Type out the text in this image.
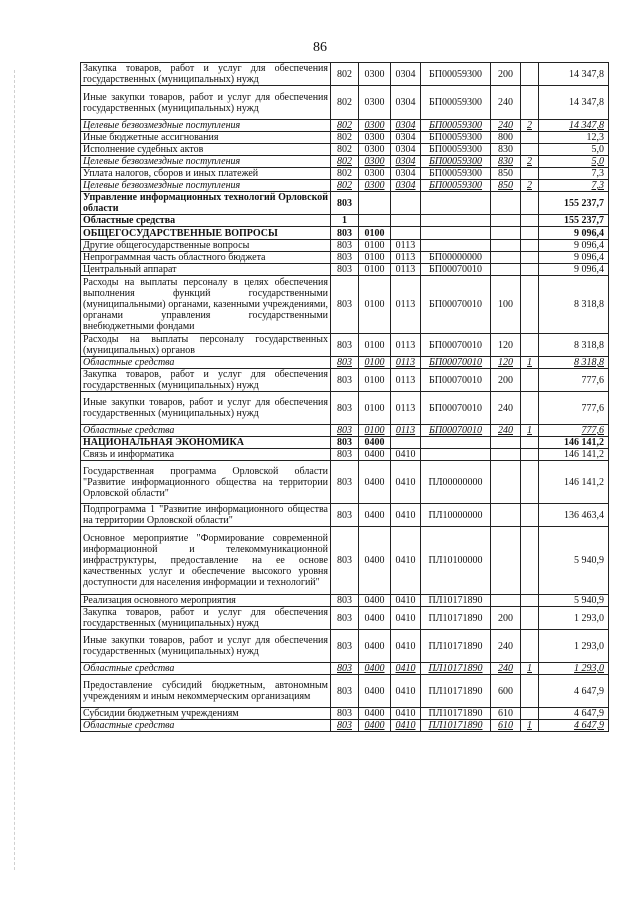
86
Закупка товаров, работ и услуг для обеспечения государственных (муниципальных) нужд	802	0300	0304	БП00059300	200		14 347,8
Иные закупки товаров, работ и услуг для обеспечения государственных (муниципальных) нужд	802	0300	0304	БП00059300	240		14 347,8
Целевые безвозмездные поступления	802	0300	0304	БП00059300	240	2	14 347,8
Иные бюджетные ассигнования	802	0300	0304	БП00059300	800		12,3
Исполнение судебных актов	802	0300	0304	БП00059300	830		5,0
Целевые безвозмездные поступления	802	0300	0304	БП00059300	830	2	5,0
Уплата налогов, сборов и иных платежей	802	0300	0304	БП00059300	850		7,3
Целевые безвозмездные поступления	802	0300	0304	БП00059300	850	2	7,3
Управление информационных технологий Орловской области	803						155 237,7
Областные средства	1						155 237,7
ОБЩЕГОСУДАРСТВЕННЫЕ ВОПРОСЫ	803	0100					9 096,4
Другие общегосударственные вопросы	803	0100	0113				9 096,4
Непрограммная часть областного бюджета	803	0100	0113	БП00000000			9 096,4
Центральный аппарат	803	0100	0113	БП00070010			9 096,4
Расходы на выплаты персоналу в целях обеспечения выполнения функций государственными (муниципальными) органами, казенными учреждениями, органами управления государственными внебюджетными фондами	803	0100	0113	БП00070010	100		8 318,8
Расходы на выплаты персоналу государственных (муниципальных) органов	803	0100	0113	БП00070010	120		8 318,8
Областные средства	803	0100	0113	БП00070010	120	1	8 318,8
Закупка товаров, работ и услуг для обеспечения государственных (муниципальных) нужд	803	0100	0113	БП00070010	200		777,6
Иные закупки товаров, работ и услуг для обеспечения государственных (муниципальных) нужд	803	0100	0113	БП00070010	240		777,6
Областные средства	803	0100	0113	БП00070010	240	1	777,6
НАЦИОНАЛЬНАЯ ЭКОНОМИКА	803	0400					146 141,2
Связь и информатика	803	0400	0410				146 141,2
Государственная программа Орловской области "Развитие информационного общества на территории Орловской области"	803	0400	0410	ПЛ00000000			146 141,2
Подпрограмма 1 "Развитие информационного общества на территории Орловской области"	803	0400	0410	ПЛ10000000			136 463,4
Основное мероприятие "Формирование современной информационной и телекоммуникационной инфраструктуры, предоставление на ее основе качественных услуг и обеспечение высокого уровня доступности для населения информации и технологий"	803	0400	0410	ПЛ10100000			5 940,9
Реализация основного мероприятия	803	0400	0410	ПЛ10171890			5 940,9
Закупка товаров, работ и услуг для обеспечения государственных (муниципальных) нужд	803	0400	0410	ПЛ10171890	200		1 293,0
Иные закупки товаров, работ и услуг для обеспечения государственных (муниципальных) нужд	803	0400	0410	ПЛ10171890	240		1 293,0
Областные средства	803	0400	0410	ПЛ10171890	240	1	1 293,0
Предоставление субсидий бюджетным, автономным учреждениям и иным некоммерческим организациям	803	0400	0410	ПЛ10171890	600		4 647,9
Субсидии бюджетным учреждениям	803	0400	0410	ПЛ10171890	610		4 647,9
Областные средства	803	0400	0410	ПЛ10171890	610	1	4 647,9
